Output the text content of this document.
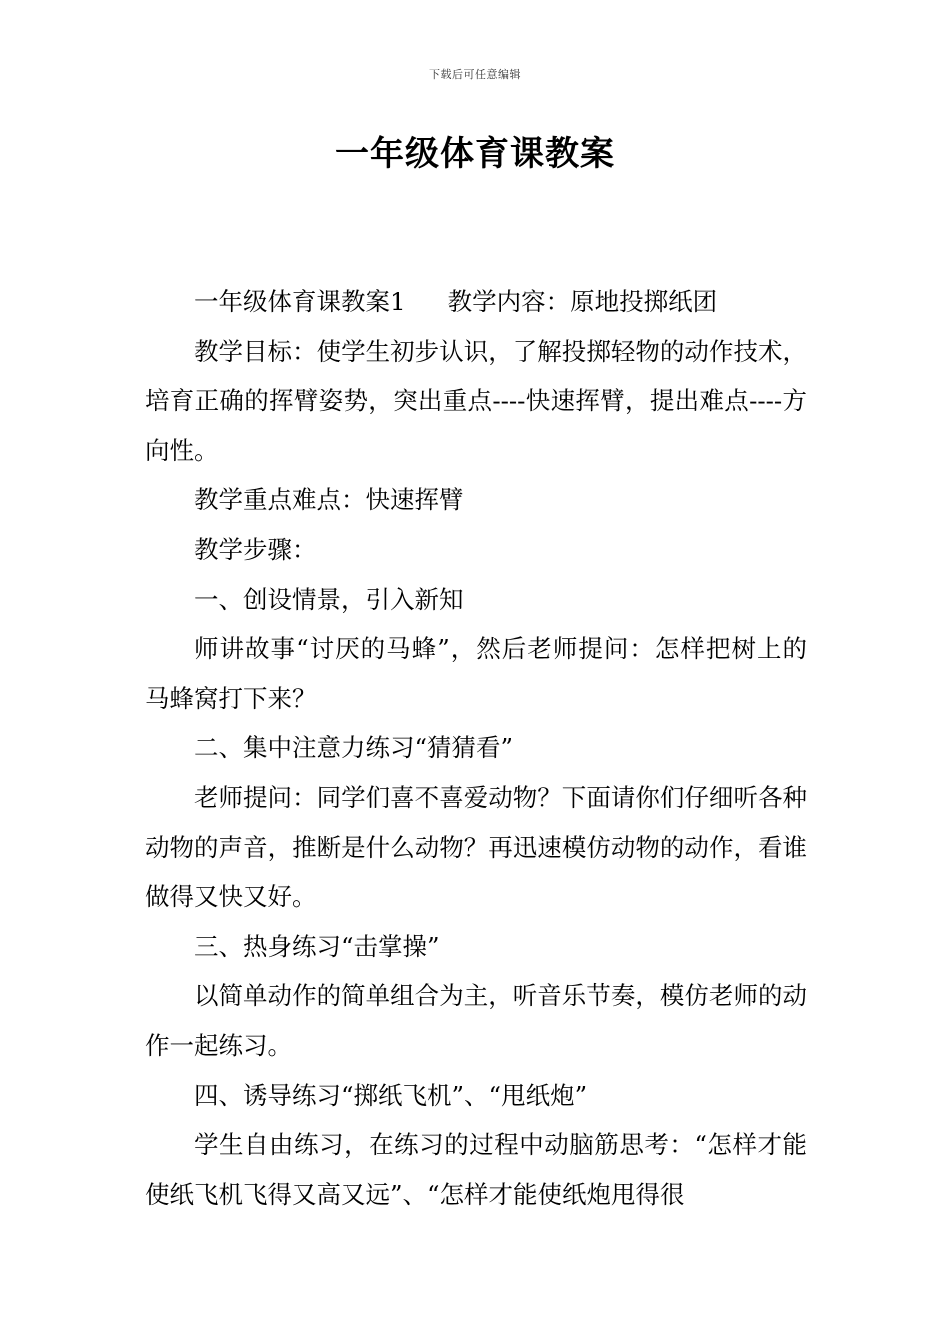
下载后可任意编辑
一年级体育课教案

一年级体育课教案1 教学内容：原地投掷纸团

教学目标：使学生初步认识，了解投掷轻物的动作技术，培育正确的挥臂姿势，突出重点----快速挥臂，提出难点----方向性。

教学重点难点：快速挥臂

教学步骤：

一、创设情景，引入新知

师讲故事“讨厌的马蜂”，然后老师提问：怎样把树上的马蜂窝打下来？

二、集中注意力练习“猜猜看”

老师提问：同学们喜不喜爱动物？下面请你们仔细听各种动物的声音，推断是什么动物？再迅速模仿动物的动作，看谁做得又快又好。

三、热身练习“击掌操”

以简单动作的简单组合为主，听音乐节奏，模仿老师的动作一起练习。

四、诱导练习“掷纸飞机”、“甩纸炮”

学生自由练习，在练习的过程中动脑筋思考：“怎样才能使纸飞机飞得又高又远”、“怎样才能使纸炮甩得很
